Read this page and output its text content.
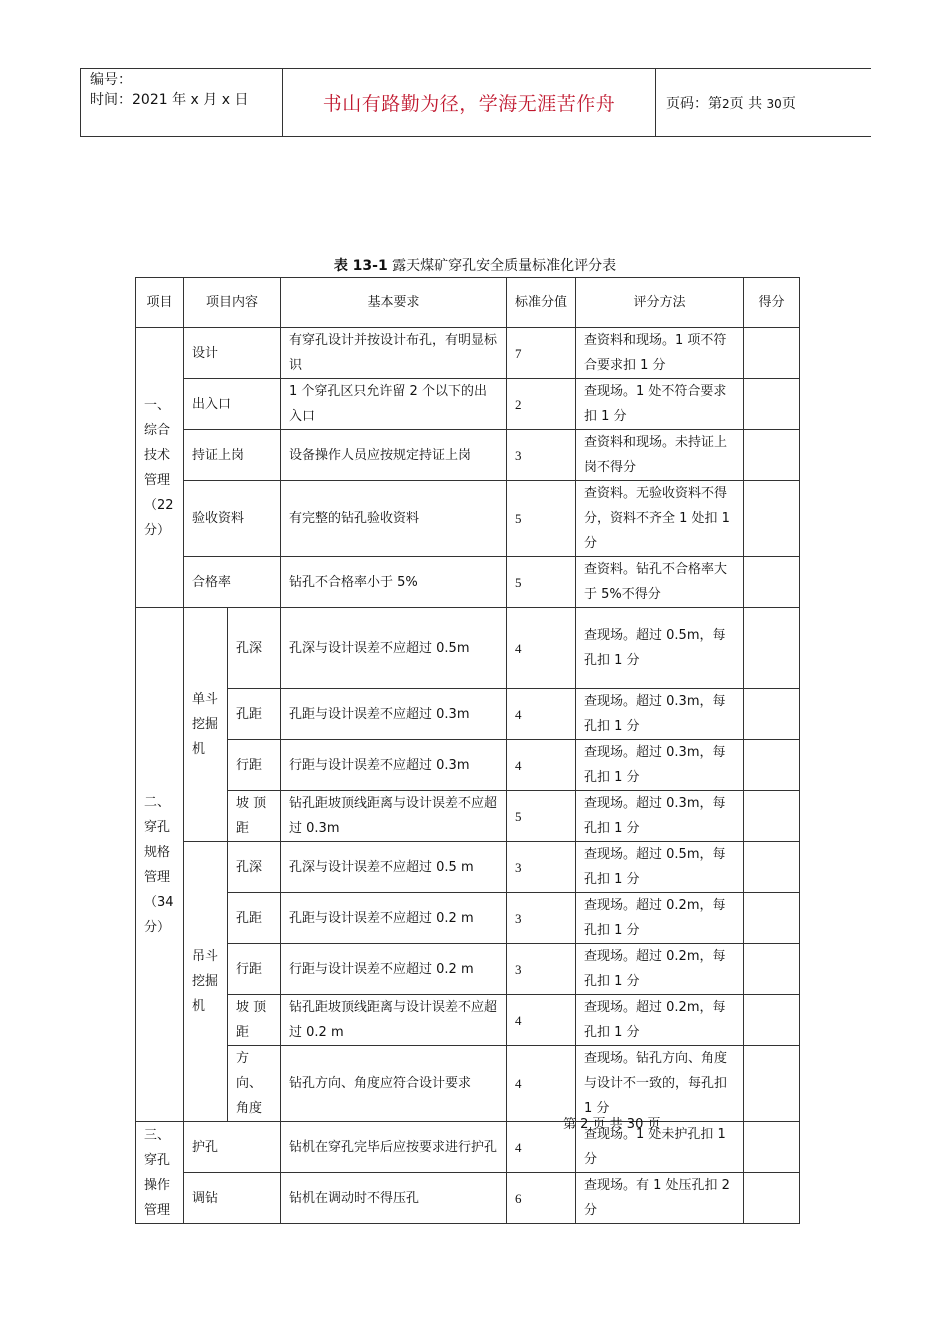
编号：
时间：2021 年 x 月 x 日	书山有路勤为径，学海无涯苦作舟	页码：第2页 共 30页
表 13-1 露天煤矿穿孔安全质量标准化评分表
项目	项目内容		基本要求	标准分值	评分方法	得分
一、综合技术管理（22分）	设计		有穿孔设计并按设计布孔，有明显标识	7	查资料和现场。1 项不符合要求扣 1 分	
	出入口		1 个穿孔区只允许留 2 个以下的出入口	2	查现场。1 处不符合要求扣 1 分	
	持证上岗		设备操作人员应按规定持证上岗	3	查资料和现场。未持证上岗不得分	
	验收资料		有完整的钻孔验收资料	5	查资料。无验收资料不得分，资料不齐全 1 处扣 1 分	
	合格率		钻孔不合格率小于 5%	5	查资料。钻孔不合格率大于 5%不得分	
二、穿孔规格管理（34分）	单斗挖掘机	孔深	孔深与设计误差不应超过 0.5m	4	查现场。超过 0.5m，每孔扣 1 分	
		孔距	孔距与设计误差不应超过 0.3m	4	查现场。超过 0.3m，每孔扣 1 分	
		行距	行距与设计误差不应超过 0.3m	4	查现场。超过 0.3m，每孔扣 1 分	
		坡 顶距	钻孔距坡顶线距离与设计误差不应超过 0.3m	5	查现场。超过 0.3m，每孔扣 1 分	
	吊斗挖掘机	孔深	孔深与设计误差不应超过 0.5 m	3	查现场。超过 0.5m，每孔扣 1 分	
		孔距	孔距与设计误差不应超过 0.2 m	3	查现场。超过 0.2m，每孔扣 1 分	
		行距	行距与设计误差不应超过 0.2 m	3	查现场。超过 0.2m，每孔扣 1 分	
		坡 顶距	钻孔距坡顶线距离与设计误差不应超过 0.2 m	4	查现场。超过 0.2m，每孔扣 1 分	
		方向、角度	钻孔方向、角度应符合设计要求	4	查现场。钻孔方向、角度与设计不一致的，每孔扣 1 分	
三、穿孔操作管理	护孔		钻机在穿孔完毕后应按要求进行护孔	4	查现场。1 处未护孔扣 1 分	
	调钻		钻机在调动时不得压孔	6	查现场。有 1 处压孔扣 2 分	
第 2 页 共 30 页
